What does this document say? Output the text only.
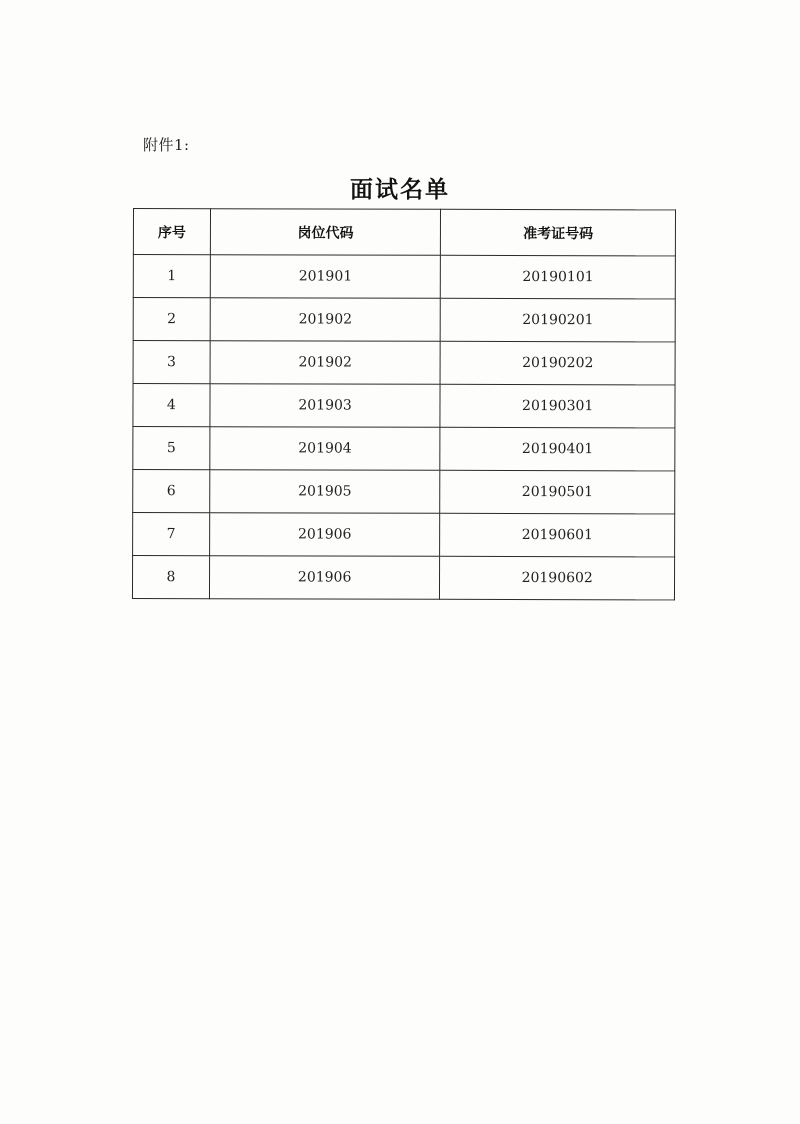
附件1:
面试名单
序号	岗位代码	准考证号码
1	201901	20190101
2	201902	20190201
3	201902	20190202
4	201903	20190301
5	201904	20190401
6	201905	20190501
7	201906	20190601
8	201906	20190602
